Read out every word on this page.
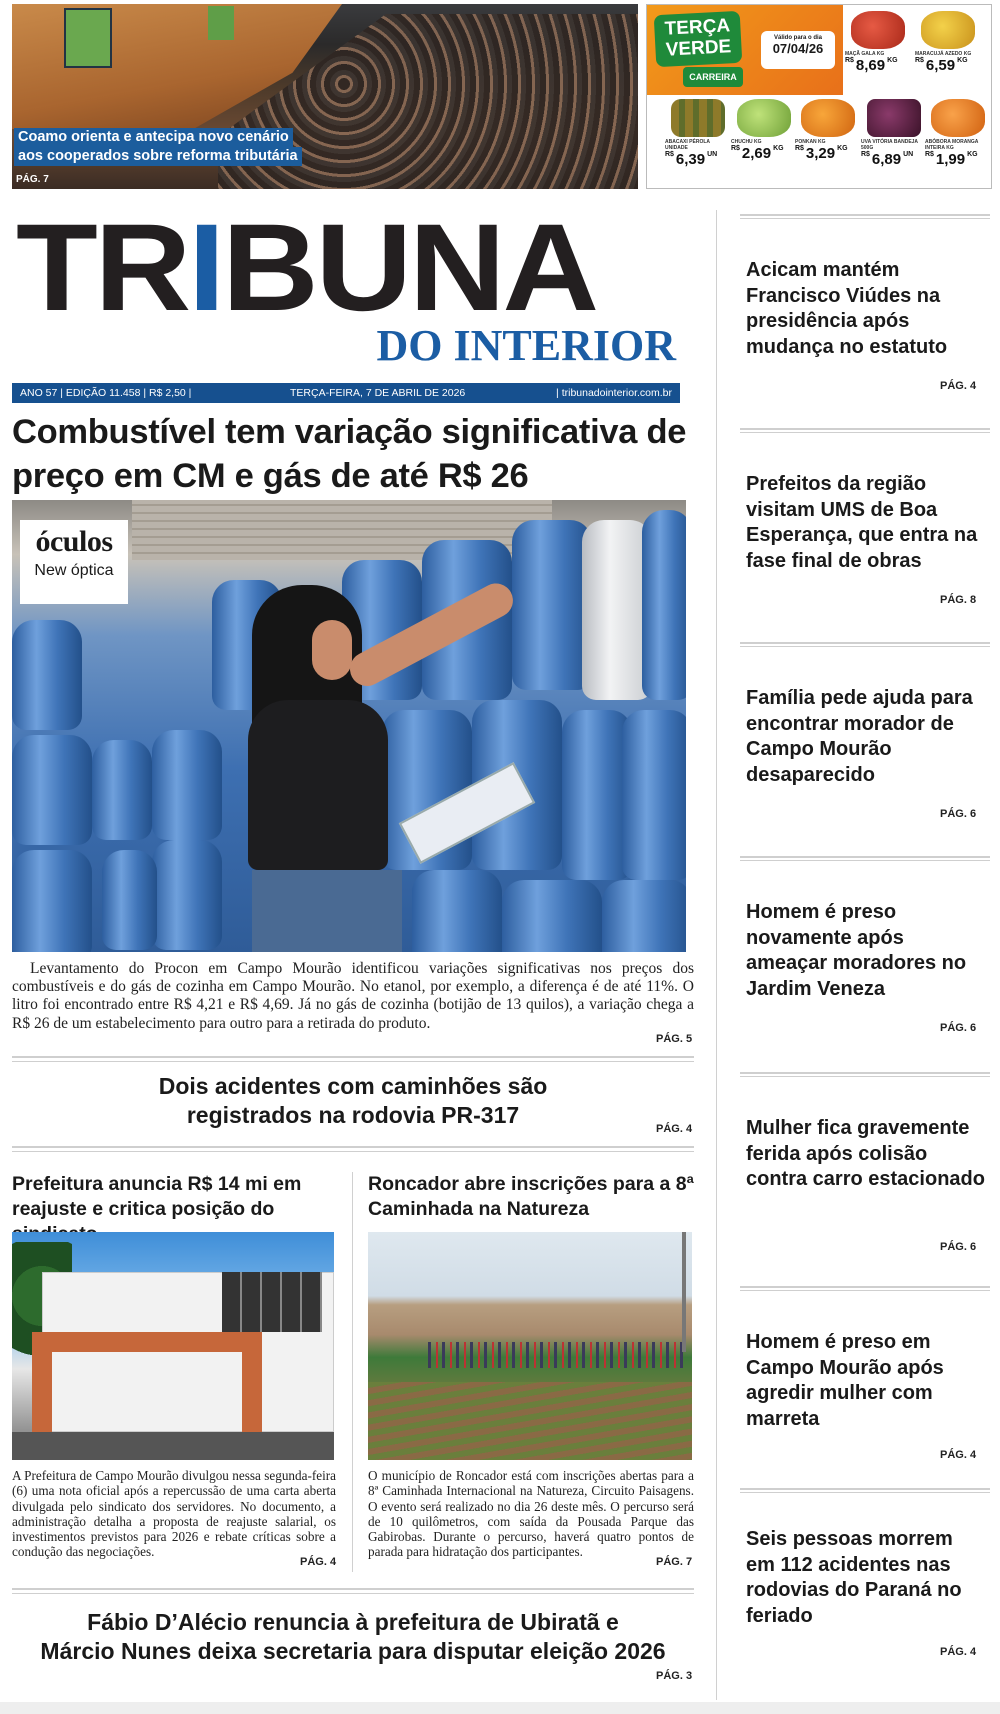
Coamo orienta e antecipa novo cenário
aos cooperados sobre reforma tributária
PÁG. 7
TERÇA
VERDE
CARREIRA
Válido para o dia
07/04/26	MAÇÃ GALA KG
$^{R\$}$ 8,69 $^{KG}$
MARACUJÁ AZEDO KG
$^{R\$}$ 6,59 $^{KG}$
ABACAXI PÉROLA UNIDADE
$^{R\$}$ 6,39 $^{UN}$
CHUCHU KG
$^{R\$}$ 2,69 $^{KG}$
PONKAN KG
$^{R\$}$ 3,29 $^{KG}$
UVA VITÓRIA BANDEJA 500G
$^{R\$}$ 6,89 $^{UN}$
ABÓBORA MORANGA INTEIRA KG
$^{R\$}$ 1,99 $^{KG}$
TRIBUNA
DO INTERIOR
ANO 57 | EDIÇÃO 11.458 | R$ 2,50 |	TERÇA-FEIRA, 7 DE ABRIL DE 2026	| tribunadointerior.com.br
Combustível tem variação significativa de preço em CM e gás de até R$ 26
óculos
New óptica

Levantamento do Procon em Campo Mourão identificou variações significativas nos preços dos combustíveis e do gás de cozinha em Campo Mourão. No etanol, por exemplo, a diferença é de até 11%. O litro foi encontrado entre R$ 4,21 e R$ 4,69. Já no gás de cozinha (botijão de 13 quilos), a variação chega a R$ 26 de um estabelecimento para outro para a retirada do produto.

PÁG. 5
Dois acidentes com caminhões são
registrados na rodovia PR-317
PÁG. 4
Prefeitura anuncia R$ 14 mi em reajuste e critica posição do

A Prefeitura de Campo Mourão divulgou nessa segunda-feira (6) uma nota oficial após a repercussão de uma carta aberta divulgada pelo sindicato dos servidores. No documento, a administração detalha a proposta de reajuste salarial, os investimentos previstos para 2026 e rebate críticas sobre a condução das negociações.

PÁG. 4
Roncador abre inscrições para a 8ª Caminhada na Natureza

O município de Roncador está com inscrições abertas para a 8ª Caminhada Internacional na Natureza, Circuito Paisagens. O evento será realizado no dia 26 deste mês. O percurso será de 10 quilômetros, com saída da Pousada Parque das Gabirobas. Durante o percurso, haverá quatro pontos de parada para hidratação dos participantes.

PÁG. 7
Fábio D’Alécio renuncia à prefeitura de Ubiratã e
Márcio Nunes deixa secretaria para disputar eleição 2026
PÁG. 3
Acicam mantém Francisco Viúdes na presidência após mudança no estatuto
PÁG. 4
Prefeitos da região visitam UMS de Boa Esperança, que entra na fase final de obras
PÁG. 8
Família pede ajuda para encontrar morador de Campo Mourão desaparecido
PÁG. 6
Homem é preso novamente após ameaçar moradores no Jardim Veneza
PÁG. 6
Mulher fica gravemente ferida após colisão contra carro estacionado
PÁG. 6
Homem é preso em Campo Mourão após agredir mulher com marreta
PÁG. 4
Seis pessoas morrem em 112 acidentes nas rodovias do Paraná no feriado
PÁG. 4
